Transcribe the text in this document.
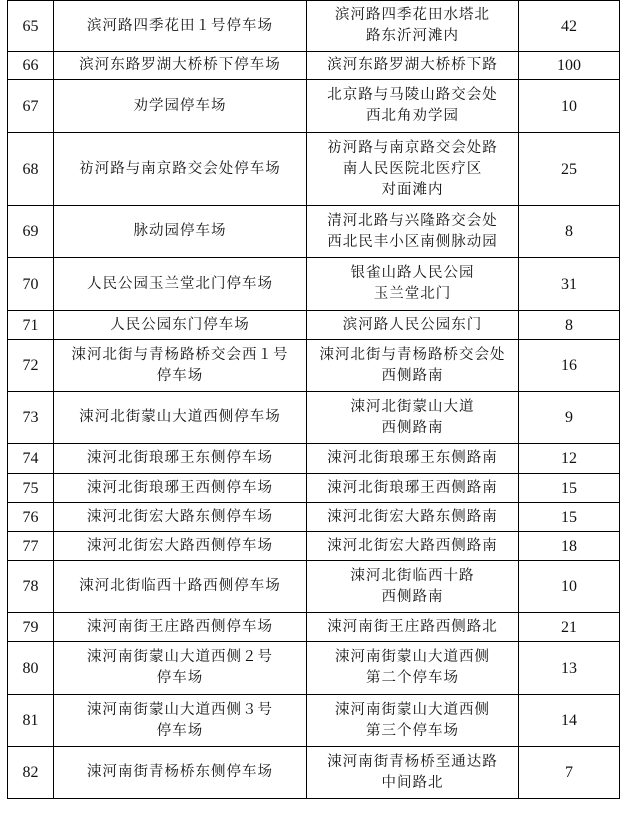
65	滨河路四季花田１号停车场	滨河路四季花田水塔北
路东沂河滩内	42
66	滨河东路罗湖大桥桥下停车场	滨河东路罗湖大桥桥下路	100
67	劝学园停车场	北京路与马陵山路交会处
西北角劝学园	10
68	祊河路与南京路交会处停车场	祊河路与南京路交会处路
南人民医院北医疗区
对面滩内	25
69	脉动园停车场	清河北路与兴隆路交会处
西北民丰小区南侧脉动园	8
70	人民公园玉兰堂北门停车场	银雀山路人民公园
玉兰堂北门	31
71	人民公园东门停车场	滨河路人民公园东门	8
72	涑河北街与青杨路桥交会西１号
停车场	涑河北街与青杨路桥交会处
西侧路南	16
73	涑河北街蒙山大道西侧停车场	涑河北街蒙山大道
西侧路南	9
74	涑河北街琅琊王东侧停车场	涑河北街琅琊王东侧路南	12
75	涑河北街琅琊王西侧停车场	涑河北街琅琊王西侧路南	15
76	涑河北街宏大路东侧停车场	涑河北街宏大路东侧路南	15
77	涑河北街宏大路西侧停车场	涑河北街宏大路西侧路南	18
78	涑河北街临西十路西侧停车场	涑河北街临西十路
西侧路南	10
79	涑河南街王庄路西侧停车场	涑河南街王庄路西侧路北	21
80	涑河南街蒙山大道西侧２号
停车场	涑河南街蒙山大道西侧
第二个停车场	13
81	涑河南街蒙山大道西侧３号
停车场	涑河南街蒙山大道西侧
第三个停车场	14
82	涑河南街青杨桥东侧停车场	涑河南街青杨桥至通达路
中间路北	7
